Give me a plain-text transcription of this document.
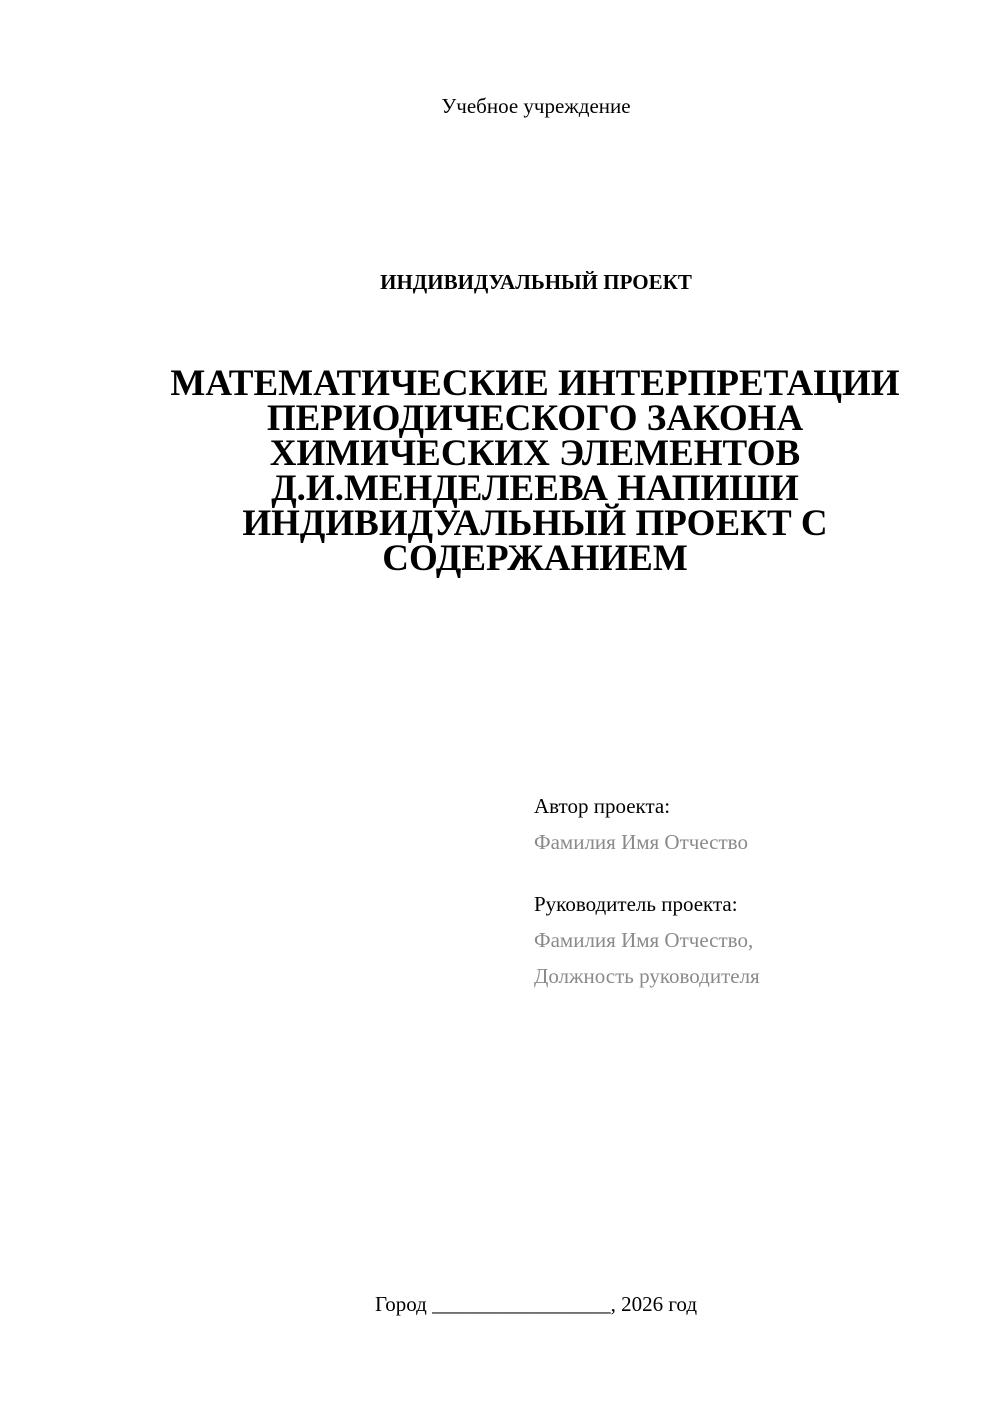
Учебное учреждение
ИНДИВИДУАЛЬНЫЙ ПРОЕКТ
МАТЕМАТИЧЕСКИЕ ИНТЕРПРЕТАЦИИ
ПЕРИОДИЧЕСКОГО ЗАКОНА
ХИМИЧЕСКИХ ЭЛЕМЕНТОВ
Д.И.МЕНДЕЛЕЕВА НАПИШИ
ИНДИВИДУАЛЬНЫЙ ПРОЕКТ С
СОДЕРЖАНИЕМ
Автор проекта:
Фамилия Имя Отчество
Руководитель проекта:
Фамилия Имя Отчество,
Должность руководителя
Город _________________, 2026 год
